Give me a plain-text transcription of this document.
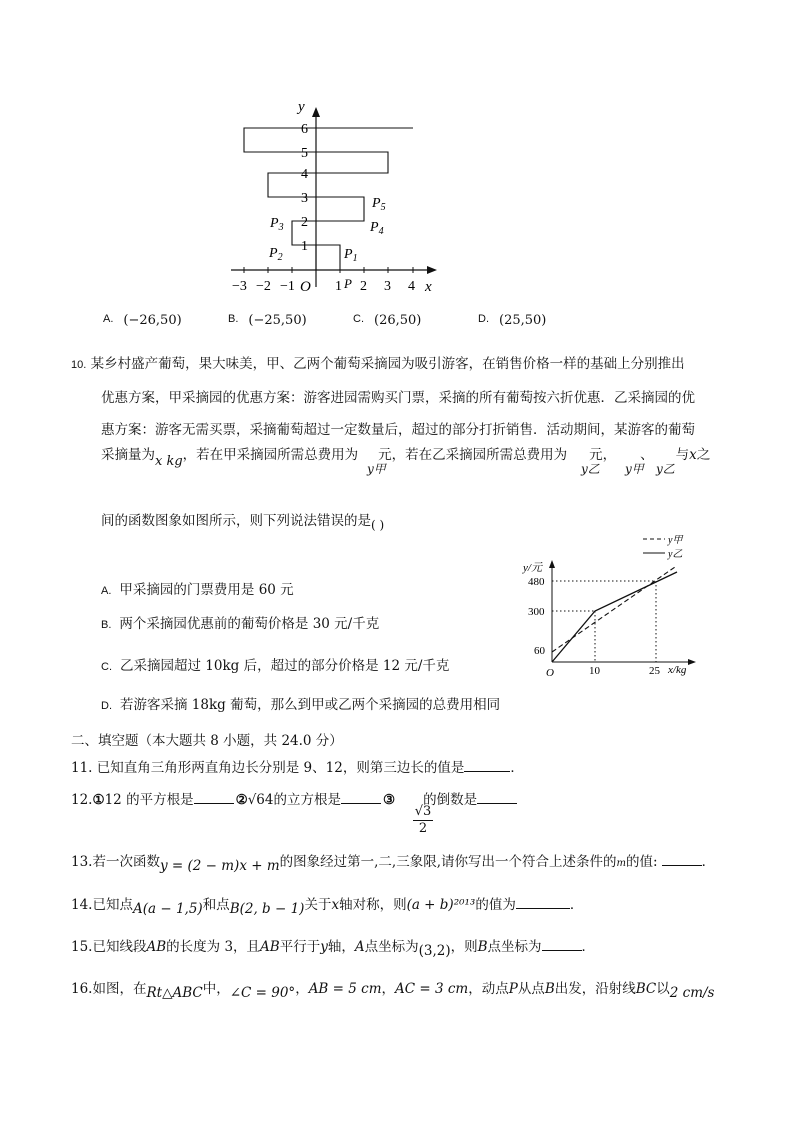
y
x
O
6
5
4
3
2
1
−3 −2 −1	1 2 3 4
$P_1$
$P_2$
$P_3$	$P_4$
$P_5$
P
$^{A.}$ (−26,50)	$^{B.}$ (−25,50)	$^{C.}$ (26,50)	$^{D.}$ (25,50)
10. 某乡村盛产葡萄，果大味美，甲、乙两个葡萄采摘园为吸引游客，在销售价格一样的基础上分别推出
优惠方案，甲采摘园的优惠方案：游客进园需购买门票，采摘的所有葡萄按六折优惠．乙采摘园的优
惠方案：游客无需买票，采摘葡萄超过一定数量后，超过的部分打折销售．活动期间，某游客的葡萄
采摘量为x kg，若在甲采摘园所需总费用为 元，若在乙采摘园所需总费用为 元， 、 与x之
y甲	y乙 y甲 y乙
间的函数图象如图所示，则下列说法错误的是( )
A. 甲采摘园的门票费用是 60 元
B. 两个采摘园优惠前的葡萄价格是 30 元/千克
C. 乙采摘园超过 10kg 后，超过的部分价格是 12 元/千克
D. 若游客采摘 18kg 葡萄，那么到甲或乙两个采摘园的总费用相同
y甲
y乙
y/元
x/kg
O
480
300
60
10	25
二、填空题（本大题共 8 小题，共 24.0 分）
11. 已知直角三角形两直角边长分别是 9、12，则第三边长的值是	．
12.①12 的平方根是	②√64的立方根是	③ 的倒数是
$\frac{√3}{2}$
13.若一次函数y = (2 − m)x + m的图象经过第一,二,三象限,请你写出一个符合上述条件的m的值:	．
14.已知点A(a − 1,5)和点B(2, b − 1)关于x轴对称，则(a + b)²⁰¹³的值为	．
15.已知线段AB的长度为 3，且AB平行于y轴，A点坐标为(3,2)，则B点坐标为	．
16.如图，在Rt△ABC中，∠C = 90°，AB = 5 cm，AC = 3 cm，动点P从点B出发，沿射线BC以2 cm/s
